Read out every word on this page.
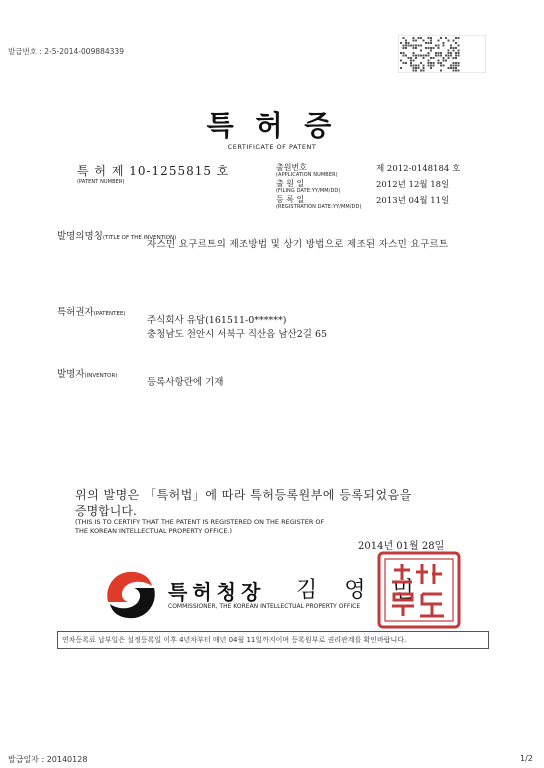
발급번호 : 2-5-2014-009884339
특 허 증
CERTIFICATE OF PATENT
특 허 제 10-1255815 호
(PATENT NUMBER)
출원번호
(APPLICATION NUMBER)
제 2012-0148184 호
출 원 일
(FILING DATE:YY/MM/DD)
2012년 12월 18일
등 록 일
(REGISTRATION DATE:YY/MM/DD)
2013년 04월 11일
발명의명칭(TITLE OF THE INVENTION)
자스민 요구르트의 제조방법 및 상기 방법으로 제조된 자스민 요구르트
특허권자(PATENTEE)
주식회사 유담(161511-0******)
충청남도 천안시 서북구 직산읍 남산2길 65
발명자(INVENTOR)
등록사항란에 기재
위의 발명은 「특허법」에 따라 특허등록원부에 등록되었음을
증명합니다.
(THIS IS TO CERTIFY THAT THE PATENT IS REGISTERED ON THE REGISTER OF
THE KOREAN INTELLECTUAL PROPERTY OFFICE.)
2014년 01월 28일
특허청장 김 영 민
COMMISSIONER, THE KOREAN INTELLECTUAL PROPERTY OFFICE
연차등록료 납부일은 설정등록일 이후 4년차부터 매년 04월 11일까지이며 등록원부로 권리관계를 확인바랍니다.
발급일자 : 20140128	1/2
